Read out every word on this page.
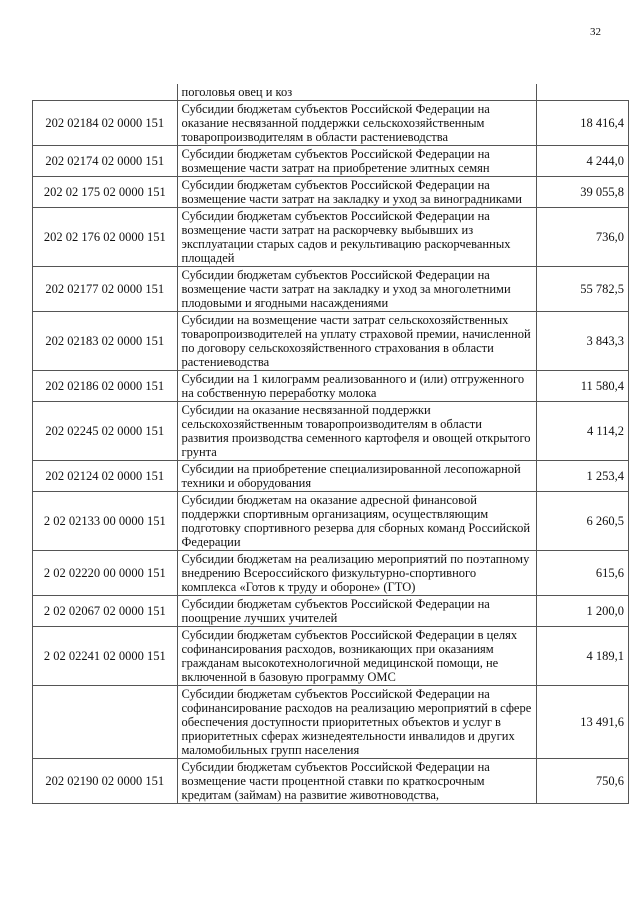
32
	поголовья овец и коз	
202 02184 02 0000 151	Субсидии бюджетам субъектов Российской Федерации на оказание несвязанной поддержки сельскохозяйственным товаропроизводителям в области растениеводства	18 416,4
202 02174 02 0000 151	Субсидии бюджетам субъектов Российской Федерации на возмещение части затрат на приобретение элитных семян	4 244,0
202 02 175 02 0000 151	Субсидии бюджетам субъектов Российской Федерации на возмещение части затрат на закладку и уход за виноградниками	39 055,8
202 02 176 02 0000 151	Субсидии бюджетам субъектов Российской Федерации на возмещение части затрат на раскорчевку выбывших из эксплуатации старых садов и рекультивацию раскорчеванных площадей	736,0
202 02177 02 0000 151	Субсидии бюджетам субъектов Российской Федерации на возмещение части затрат на закладку и уход за многолетними плодовыми и ягодными насаждениями	55 782,5
202 02183 02 0000 151	Субсидии на возмещение части затрат сельскохозяйственных товаропроизводителей на уплату страховой премии, начисленной по договору сельскохозяйственного страхования в области растениеводства	3 843,3
202 02186 02 0000 151	Субсидии на 1 килограмм реализованного и (или) отгруженного на собственную переработку молока	11 580,4
202 02245 02 0000 151	Субсидии на оказание несвязанной поддержки сельскохозяйственным товаропроизводителям в области развития производства семенного картофеля и овощей открытого грунта	4 114,2
202 02124 02 0000 151	Субсидии на приобретение специализированной лесопожарной техники и оборудования	1 253,4
2 02 02133 00 0000 151	Субсидии бюджетам на оказание адресной финансовой поддержки спортивным организациям, осуществляющим подготовку спортивного резерва для сборных команд Российской Федерации	6 260,5
2 02 02220 00 0000 151	Субсидии бюджетам на реализацию мероприятий по поэтапному внедрению Всероссийского физкультурно-спортивного комплекса «Готов к труду и обороне» (ГТО)	615,6
2 02 02067 02 0000 151	Субсидии бюджетам субъектов Российской Федерации на поощрение лучших учителей	1 200,0
2 02 02241 02 0000 151	Субсидии бюджетам субъектов Российской Федерации в целях софинансирования расходов, возникающих при оказаниям гражданам высокотехнологичной медицинской помощи, не включенной в базовую программу ОМС	4 189,1
	Субсидии бюджетам субъектов Российской Федерации на софинансирование расходов на реализацию мероприятий в сфере обеспечения доступности приоритетных объектов и услуг в приоритетных сферах жизнедеятельности инвалидов и других маломобильных групп населения	13 491,6
202 02190 02 0000 151	Субсидии бюджетам субъектов Российской Федерации на возмещение части процентной ставки по краткосрочным кредитам (займам) на развитие животноводства,	750,6
